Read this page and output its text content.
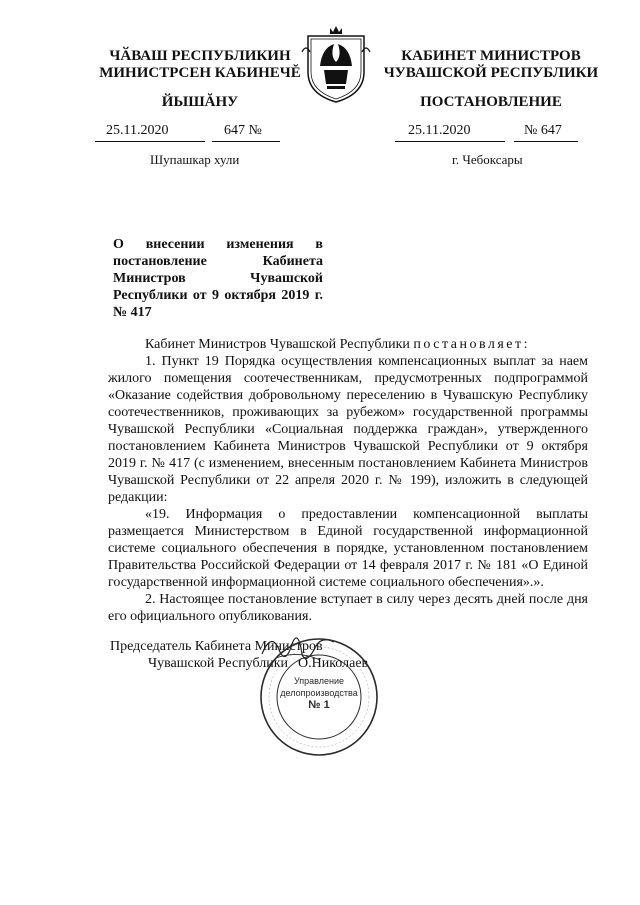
ЧӐВАШ РЕСПУБЛИКИН
МИНИСТРСЕН КАБИНЕЧĔ
ЙЫШĂНУ
КАБИНЕТ МИНИСТРОВ
ЧУВАШСКОЙ РЕСПУБЛИКИ
ПОСТАНОВЛЕНИЕ
25.11.2020	647 №	25.11.2020	№ 647
Шупашкар хули	г. Чебоксары
О внесении изменения в постановление Кабинета Министров Чувашской Республики от 9 октября 2019 г. № 417

Кабинет Министров Чувашской Республики постановляет:

1. Пункт 19 Порядка осуществления компенсационных выплат за наем жилого помещения соотечественникам, предусмотренных подпрограммой «Оказание содействия добровольному переселению в Чувашскую Республику соотечественников, проживающих за рубежом» государственной программы Чувашской Республики «Социальная поддержка граждан», утвержденного постановлением Кабинета Министров Чувашской Республики от 9 октября 2019 г. № 417 (с изменением, внесенным постановлением Кабинета Министров Чувашской Республики от 22 апреля 2020 г. № 199), изложить в следующей редакции:

«19. Информация о предоставлении компенсационной выплаты размещается Министерством в Единой государственной информационной системе социального обеспечения в порядке, установленном постановлением Правительства Российской Федерации от 14 февраля 2017 г. № 181 «О Единой государственной информационной системе социального обеспечения».».

2. Настоящее постановление вступает в силу через десять дней после дня его официального опубликования.

Председатель Кабинета Министров
Чувашской Республики О.Николаев
Управление
делопроизводства
№ 1
